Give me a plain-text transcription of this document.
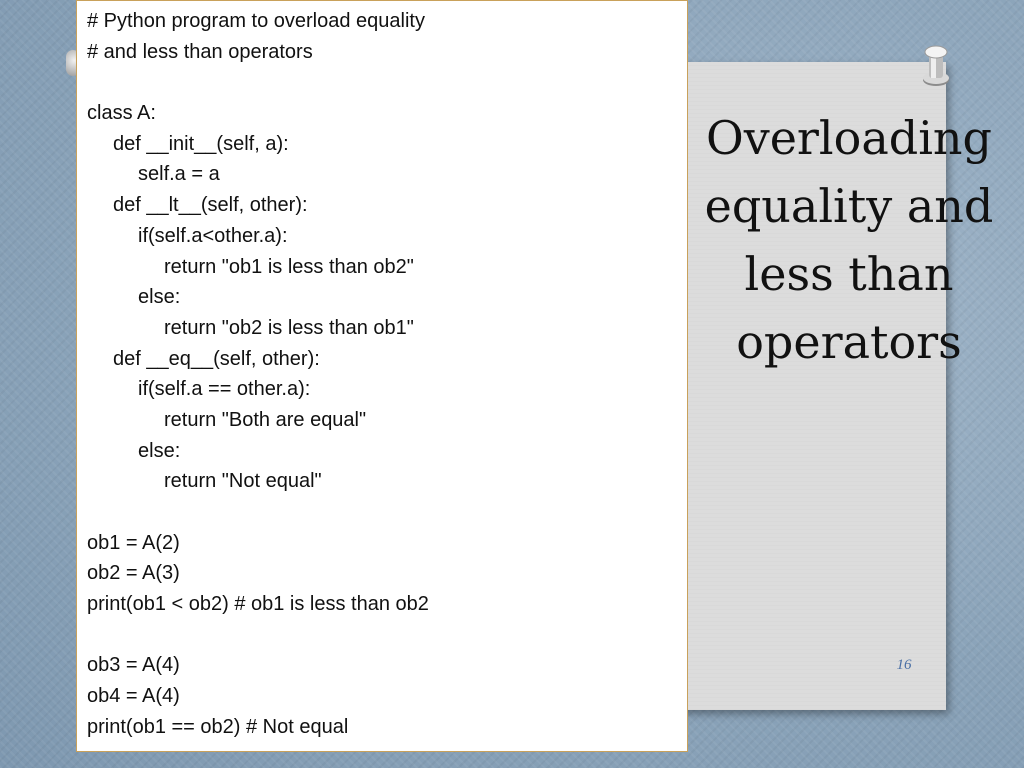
Overloading equality and less than operators
16
# Python program to overload equality
# and less than operators
class A:
def __init__(self, a):
self.a = a
def __lt__(self, other):
if(self.a<other.a):
return "ob1 is less than ob2"
else:
return "ob2 is less than ob1"
def __eq__(self, other):
if(self.a == other.a):
return "Both are equal"
else:
return "Not equal"
ob1 = A(2)
ob2 = A(3)
print(ob1 < ob2) # ob1 is less than ob2
ob3 = A(4)
ob4 = A(4)
print(ob1 == ob2) # Not equal
